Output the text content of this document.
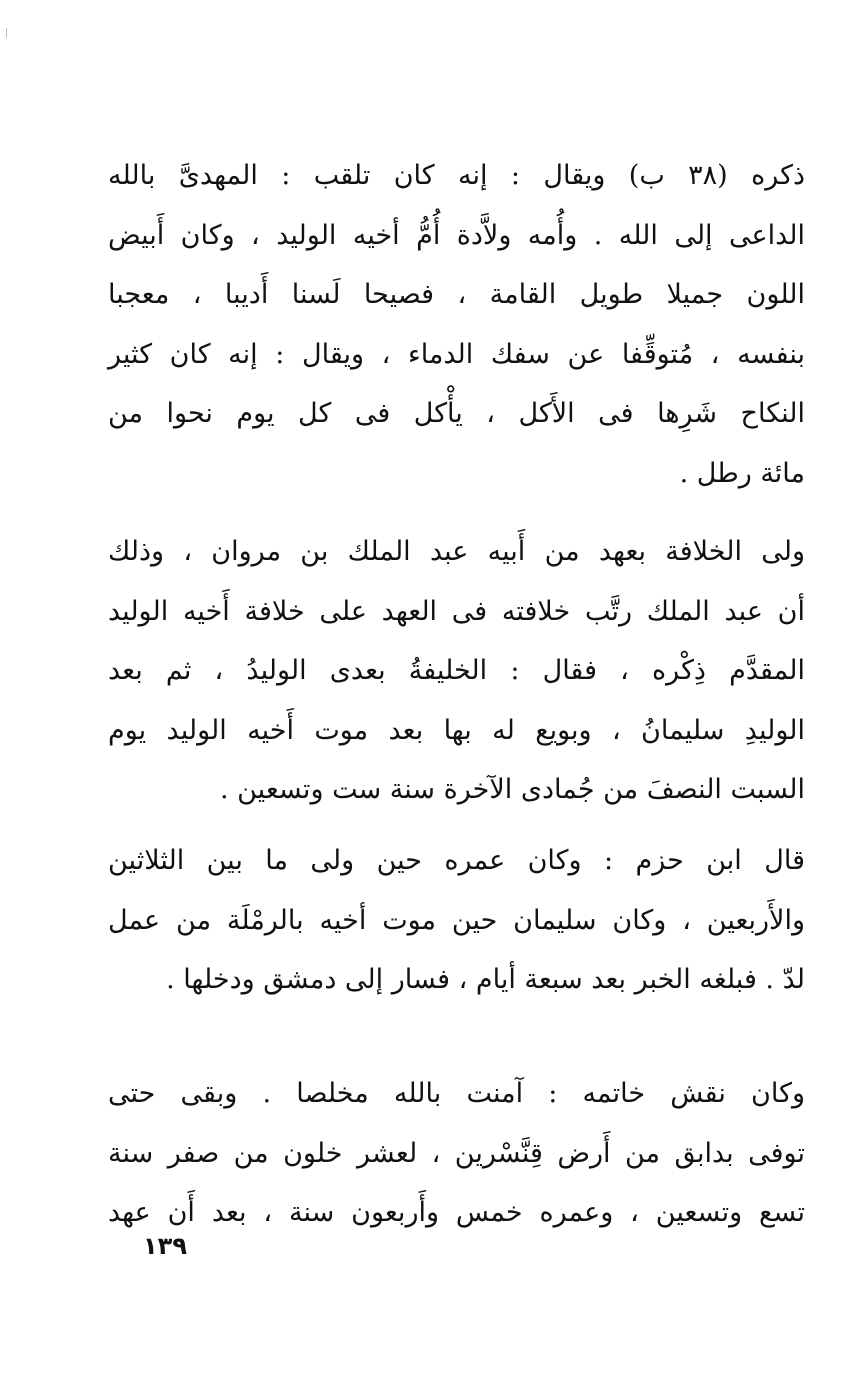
ذكره (٣٨ ب) ويقال : إنه كان تلقب : المهدىَّ بالله
الداعى إلى الله . وأُمه ولاَّدة أُمُّ أخيه الوليد ، وكان أَبيض
اللون جميلا طويل القامة ، فصيحا لَسنا أَديبا ، معجبا
بنفسه ، مُتوقِّفا عن سفك الدماء ، ويقال : إنه كان كثير
النكاح شَرِها فى الأَكل ، يأْكل فى كل يوم نحوا من
مائة رطل .

ولى الخلافة بعهد من أَبيه عبد الملك بن مروان ، وذلك
أن عبد الملك رتَّب خلافته فى العهد على خلافة أَخيه الوليد
المقدَّم ذِكْره ، فقال : الخليفةُ بعدى الوليدُ ، ثم بعد
الوليدِ سليمانُ ، وبويع له بها بعد موت أَخيه الوليد يوم
السبت النصفَ من جُمادى الآخرة سنة ست وتسعين .

قال ابن حزم : وكان عمره حين ولى ما بين الثلاثين
والأَربعين ، وكان سليمان حين موت أخيه بالرمْلَة من عمل
لدّ . فبلغه الخبر بعد سبعة أيام ، فسار إلى دمشق ودخلها .

وكان نقش خاتمه : آمنت بالله مخلصا . وبقى حتى
توفى بدابق من أَرض قِنَّسْرين ، لعشر خلون من صفر سنة
تسع وتسعين ، وعمره خمس وأَربعون سنة ، بعد أَن عهد

١٣٩
